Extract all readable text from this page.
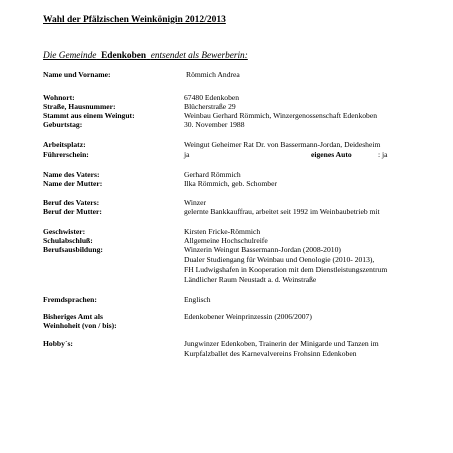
Wahl der Pfälzischen Weinkönigin 2012/2013
Die Gemeinde Edenkoben entsendet als Bewerberin:
Name und Vorname:	Römmich Andrea
Wohnort:	67480 Edenkoben
Straße, Hausnummer:	Blücherstraße 29
Stammt aus einem Weingut:	Weinbau Gerhard Römmich, Winzergenossenschaft Edenkoben
Geburtstag:	30. November 1988
Arbeitsplatz:	Weingut Geheimer Rat Dr. von Bassermann-Jordan, Deidesheim
Führerschein:	ja	eigenes Auto	: ja
Name des Vaters:	Gerhard Römmich
Name der Mutter:	Ilka Römmich, geb. Schomber
Beruf des Vaters:	Winzer
Beruf der Mutter:	gelernte Bankkauffrau, arbeitet seit 1992 im Weinbaubetrieb mit
Geschwister:	Kirsten Fricke-Römmich
Schulabschluß:	Allgemeine Hochschulreife
Berufsausbildung:	Winzerin Weingut Bassermann-Jordan (2008-2010)
Dualer Studiengang für Weinbau und Oenologie (2010- 2013),
FH Ludwigshafen in Kooperation mit dem Dienstleistungszentrum
Ländlicher Raum Neustadt a. d. Weinstraße
Fremdsprachen:	Englisch
Bisheriges Amt als	Edenkobener Weinprinzessin (2006/2007)
Weinhoheit (von / bis):
Hobby´s:	Jungwinzer Edenkoben, Trainerin der Minigarde und Tanzen im
Kurpfalzballet des Karnevalvereins Frohsinn Edenkoben
